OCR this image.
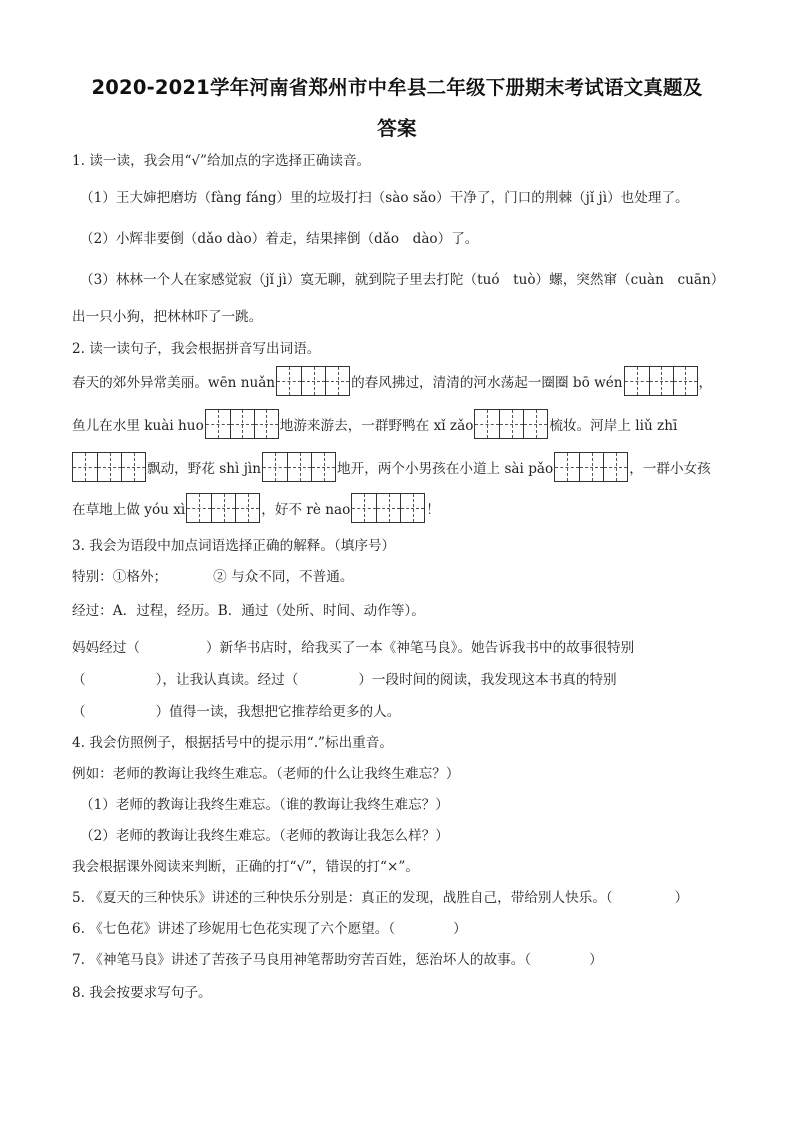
2020-2021学年河南省郑州市中牟县二年级下册期末考试语文真题及
答案
1. 读一读，我会用“√”给加点的字选择正确读音。
（1）王大婶把磨坊（fàng fáng）里的垃圾打扫（sào sǎo）干净了，门口的荆棘（jǐ jì）也处理了。
（2）小辉非要倒（dǎo dào）着走，结果摔倒（dǎo　dào）了。
（3）林林一个人在家感觉寂（jǐ jì）寞无聊，就到院子里去打陀（tuó　tuò）螺，突然窜（cuàn　cuān）
出一只小狗，把林林吓了一跳。
2. 读一读句子，我会根据拼音写出词语。
春天的郊外异常美丽。wēn nuǎn	的春风拂过，清清的河水荡起一圈圈 bō wén	，
鱼儿在水里 kuài huo	地游来游去，一群野鸭在 xǐ zǎo	梳妆。河岸上 liǔ zhī
飘动，野花 shì jìn	地开，两个小男孩在小道上 sài pǎo	，一群小女孩
在草地上做 yóu xì	，好不 rè nao	！
3. 我会为语段中加点词语选择正确的解释。（填序号）
特别：①格外；	② 与众不同，不普通。
经过：A．过程，经历。B．通过（处所、时间、动作等）。
妈妈经过（	）新华书店时，给我买了一本《神笔马良》。她告诉我书中的故事很特别
（	），让我认真读。经过（	）一段时间的阅读，我发现这本书真的特别
（	）值得一读，我想把它推荐给更多的人。
4. 我会仿照例子，根据括号中的提示用“.”标出重音。
例如：老师的教诲让我终生难忘。（老师的什么让我终生难忘？）
（1）老师的教诲让我终生难忘。（谁的教诲让我终生难忘？）
（2）老师的教诲让我终生难忘。（老师的教诲让我怎么样？）
我会根据课外阅读来判断，正确的打“√”，错误的打“×”。
5. 《夏天的三种快乐》讲述的三种快乐分别是：真正的发现，战胜自己，带给别人快乐。（	）
6. 《七色花》讲述了珍妮用七色花实现了六个愿望。（	）
7. 《神笔马良》讲述了苦孩子马良用神笔帮助穷苦百姓，惩治坏人的故事。（	）
8. 我会按要求写句子。
